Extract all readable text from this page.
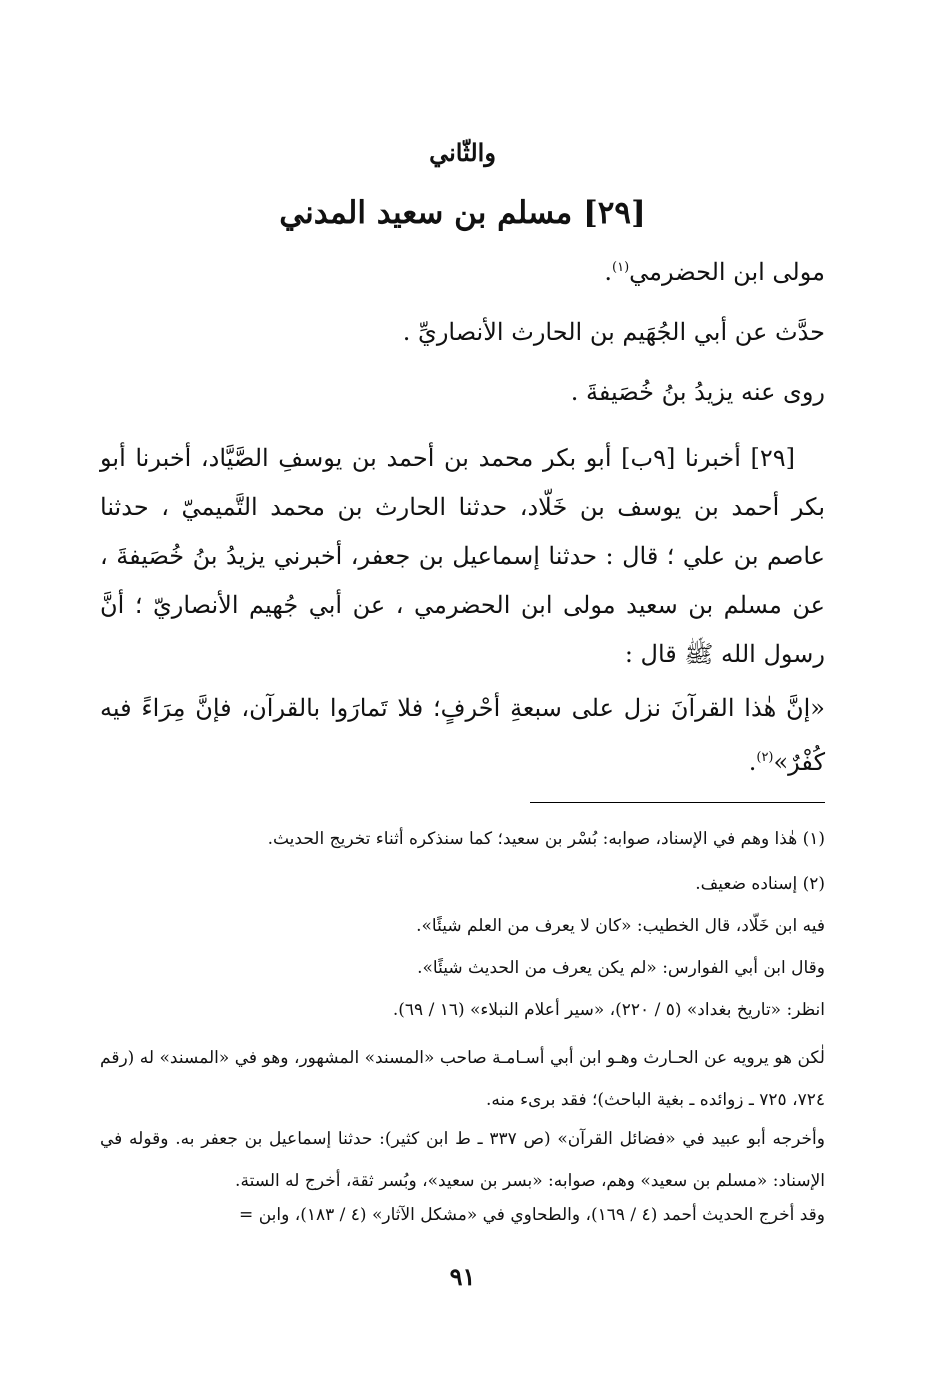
والثّاني
[٢٩] مسلم بن سعيد المدني
مولى ابن الحضرمي$^{(١)}$.
حدَّث عن أبي الجُهَيم بن الحارث الأنصاريِّ .
روى عنه يزيدُ بنُ خُصَيفةَ .
[٢٩] أخبرنا [٩ب] أبو بكر محمد بن أحمد بن يوسفِ الصَّيَّاد، أخبرنا أبو بكر أحمد بن يوسف بن خَلّاد، حدثنا الحارث بن محمد التَّميميّ ، حدثنا عاصم بن علي ؛ قال : حدثنا إسماعيل بن جعفر، أخبرني يزيدُ بنُ خُصَيفةَ ، عن مسلم بن سعيد مولى ابن الحضرمي ، عن أبي جُهيم الأنصاريّ ؛ أنَّ رسول الله ﷺ قال :
«إنَّ هٰذا القرآنَ نزل على سبعةِ أحْرفٍ؛ فلا تَمارَوا بالقرآن، فإنَّ مِرَاءً فيه كُفْرٌ»$^{(٢)}$.
(١) هٰذا وهم في الإسناد، صوابه: بُسْر بن سعيد؛ كما سنذكره أثناء تخريج الحديث.
(٢) إسناده ضعيف.
فيه ابن خَلّاد، قال الخطيب: «كان لا يعرف من العلم شيئًا».
وقال ابن أبي الفوارس: «لم يكن يعرف من الحديث شيئًا».
انظر: «تاريخ بغداد» (٥ / ٢٢٠)، «سير أعلام النبلاء» (١٦ / ٦٩).
لٰكن هو يرويه عن الحـارث وهـو ابن أبي أسـامـة صاحب «المسند» المشهور، وهو في «المسند» له (رقم ٧٢٤، ٧٢٥ ـ زوائده ـ بغية الباحث)؛ فقد برىء منه.
وأخرجه أبو عبيد في «فضائل القرآن» (ص ٣٣٧ ـ ط ابن كثير): حدثنا إسماعيل بن جعفر به. وقوله في الإسناد: «مسلم بن سعيد» وهم، صوابه: «بسر بن سعيد»، وبُسر ثقة، أخرج له الستة.
وقد أخرج الحديث أحمد (٤ / ١٦٩)، والطحاوي في «مشكل الآثار» (٤ / ١٨٣)، وابن =
٩١
